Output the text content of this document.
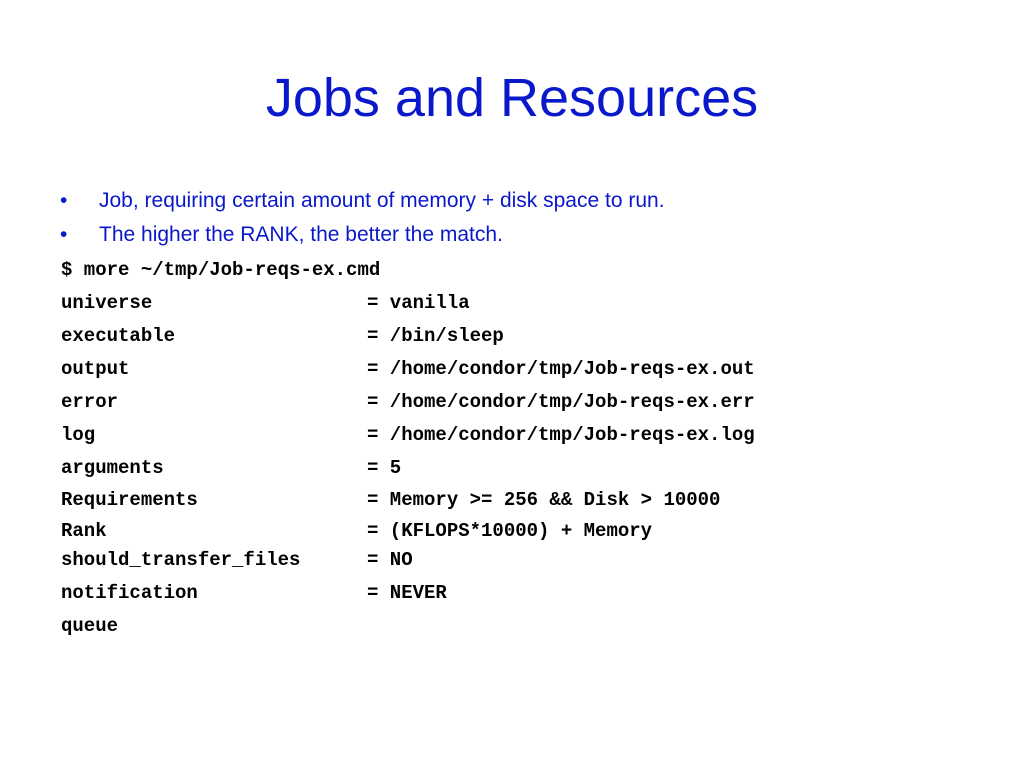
Jobs and Resources
•	Job, requiring certain amount of memory + disk space to run.
•	The higher the RANK, the better the match.
$ more ~/tmp/Job-reqs-ex.cmd
universe	= vanilla
executable	= /bin/sleep
output	= /home/condor/tmp/Job-reqs-ex.out
error	= /home/condor/tmp/Job-reqs-ex.err
log	= /home/condor/tmp/Job-reqs-ex.log
arguments	= 5
Requirements	= Memory >= 256 && Disk > 10000
Rank	= (KFLOPS*10000) + Memory
should_transfer_files	= NO
notification	= NEVER
queue
